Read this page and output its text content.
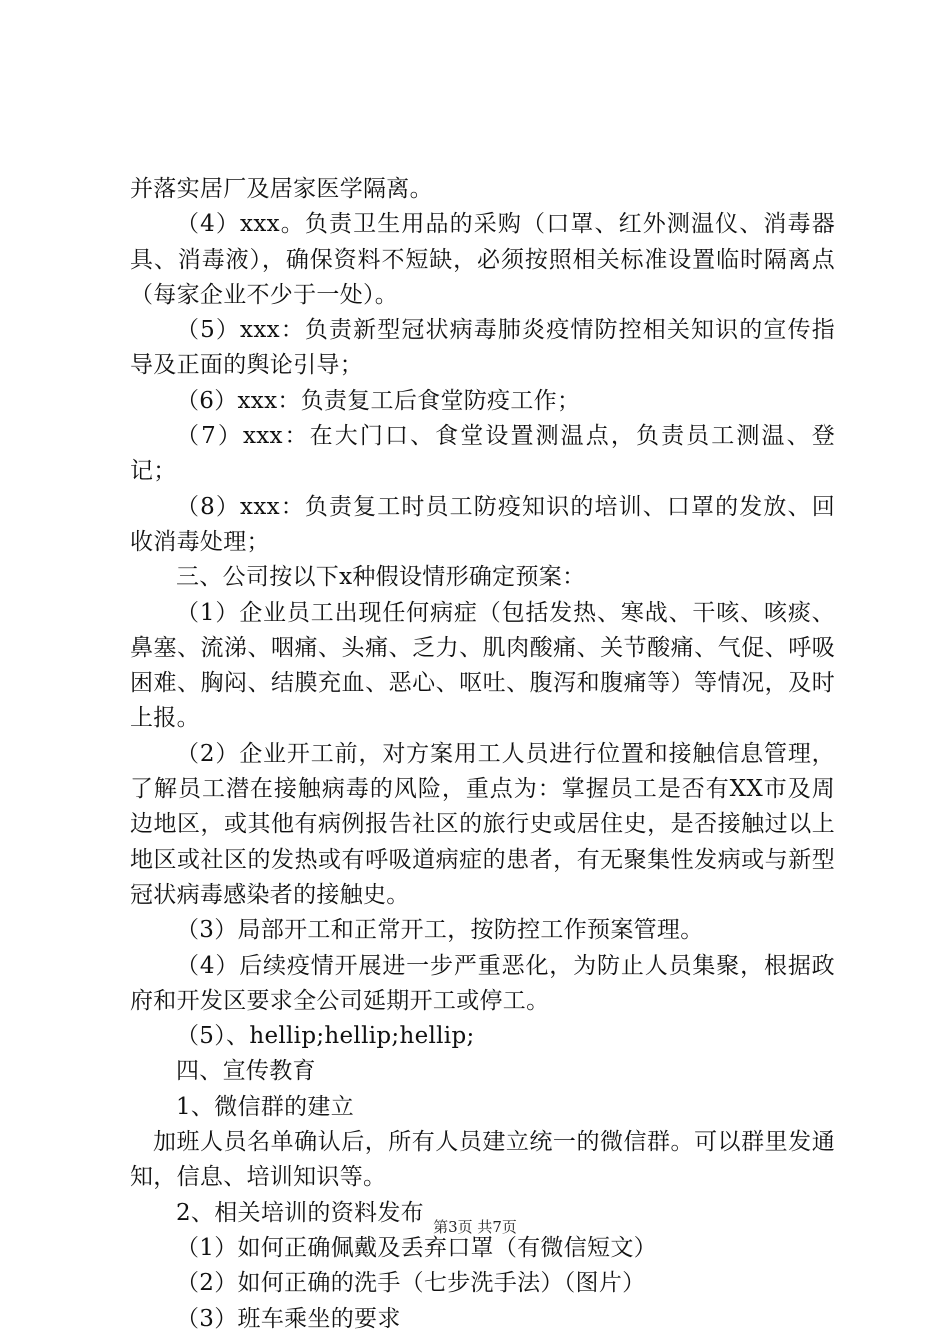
并落实居厂及居家医学隔离。

（4）xxx。负责卫生用品的采购（口罩、红外测温仪、消毒器具、消毒液），确保资料不短缺，必须按照相关标准设置临时隔离点（每家企业不少于一处）。

（5）xxx：负责新型冠状病毒肺炎疫情防控相关知识的宣传指导及正面的舆论引导；

（6）xxx：负责复工后食堂防疫工作；

（7）xxx：在大门口、食堂设置测温点，负责员工测温、登记；

（8）xxx：负责复工时员工防疫知识的培训、口罩的发放、回收消毒处理；

三、公司按以下x种假设情形确定预案：

（1）企业员工出现任何病症（包括发热、寒战、干咳、咳痰、鼻塞、流涕、咽痛、头痛、乏力、肌肉酸痛、关节酸痛、气促、呼吸困难、胸闷、结膜充血、恶心、呕吐、腹泻和腹痛等）等情况，及时上报。

（2）企业开工前，对方案用工人员进行位置和接触信息管理，了解员工潜在接触病毒的风险，重点为：掌握员工是否有XX市及周边地区，或其他有病例报告社区的旅行史或居住史，是否接触过以上地区或社区的发热或有呼吸道病症的患者，有无聚集性发病或与新型冠状病毒感染者的接触史。

（3）局部开工和正常开工，按防控工作预案管理。

（4）后续疫情开展进一步严重恶化，为防止人员集聚，根据政府和开发区要求全公司延期开工或停工。

（5）、hellip;hellip;hellip;

四、宣传教育

1、微信群的建立

加班人员名单确认后，所有人员建立统一的微信群。可以群里发通知，信息、培训知识等。

2、相关培训的资料发布

（1）如何正确佩戴及丢弃口罩（有微信短文）

（2）如何正确的洗手（七步洗手法）（图片）

（3）班车乘坐的要求

第3页 共7页
